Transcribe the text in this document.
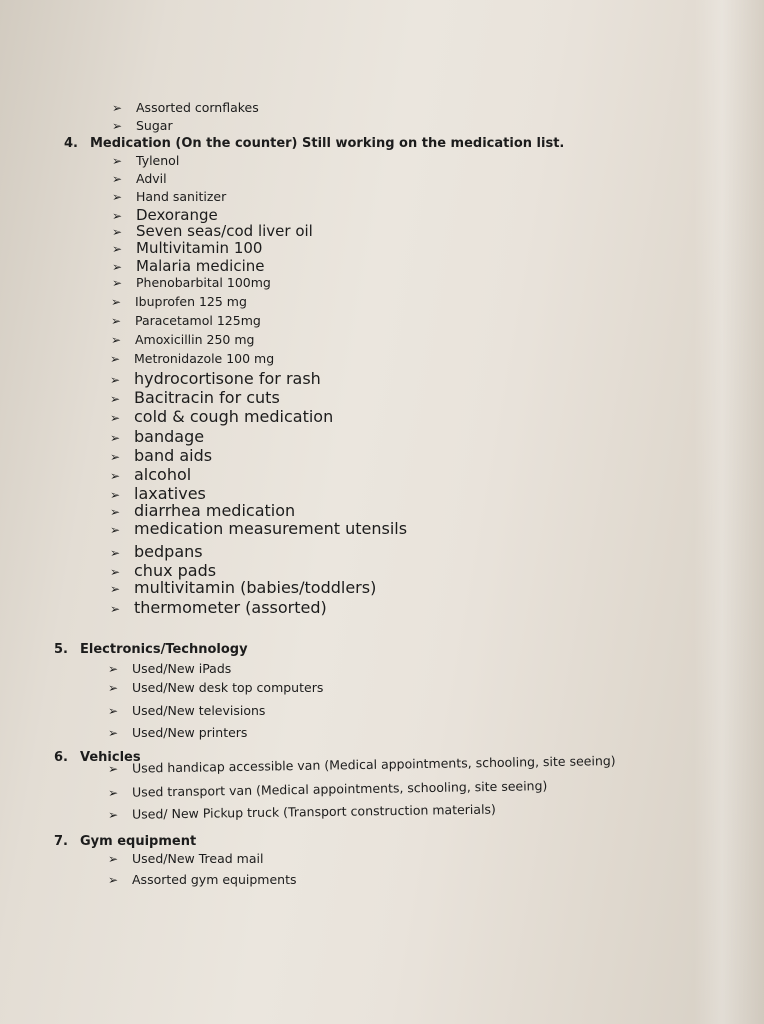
➢ Assorted cornflakes
➢ Sugar
4. Medication (On the counter) Still working on the medication list.
➢ Tylenol
➢ Advil
➢ Hand sanitizer
➢ Dexorange
➢ Seven seas/cod liver oil
➢ Multivitamin 100
➢ Malaria medicine
➢ Phenobarbital 100mg
➢ Ibuprofen 125 mg
➢ Paracetamol 125mg
➢ Amoxicillin 250 mg
➢ Metronidazole 100 mg
➢ hydrocortisone for rash
➢ Bacitracin for cuts
➢ cold & cough medication
➢ bandage
➢ band aids
➢ alcohol
➢ laxatives
➢ diarrhea medication
➢ medication measurement utensils
➢ bedpans
➢ chux pads
➢ multivitamin (babies/toddlers)
➢ thermometer (assorted)
5. Electronics/Technology
➢ Used/New iPads
➢ Used/New desk top computers
➢ Used/New televisions
➢ Used/New printers
6. Vehicles
➢ Used handicap accessible van (Medical appointments, schooling, site seeing)
➢ Used transport van (Medical appointments, schooling, site seeing)
➢ Used/ New Pickup truck (Transport construction materials)
7. Gym equipment
➢ Used/New Tread mail
➢ Assorted gym equipments
